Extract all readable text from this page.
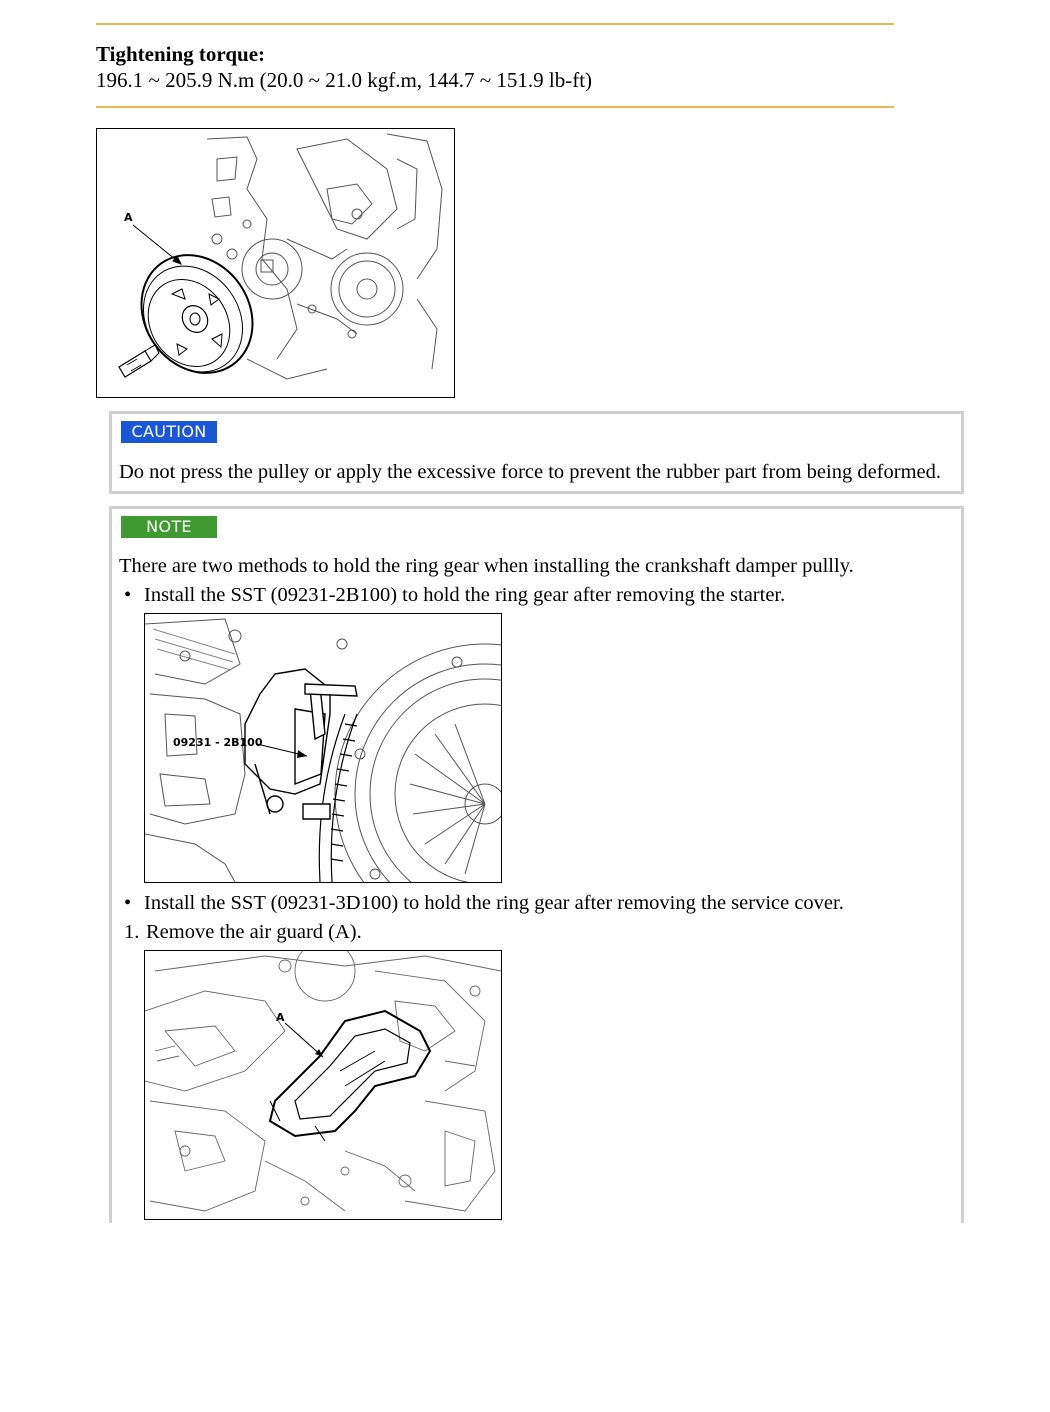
Tightening torque:
196.1 ~ 205.9 N.m (20.0 ~ 21.0 kgf.m, 144.7 ~ 151.9 lb-ft)
A
CAUTION
Do not press the pulley or apply the excessive force to prevent the rubber part from being deformed.
NOTE
There are two methods to hold the ring gear when installing the crankshaft damper pullly.
• Install the SST (09231-2B100) to hold the ring gear after removing the starter.
09231 - 2B100
• Install the SST (09231-3D100) to hold the ring gear after removing the service cover.
1. Remove the air guard (A).
A
